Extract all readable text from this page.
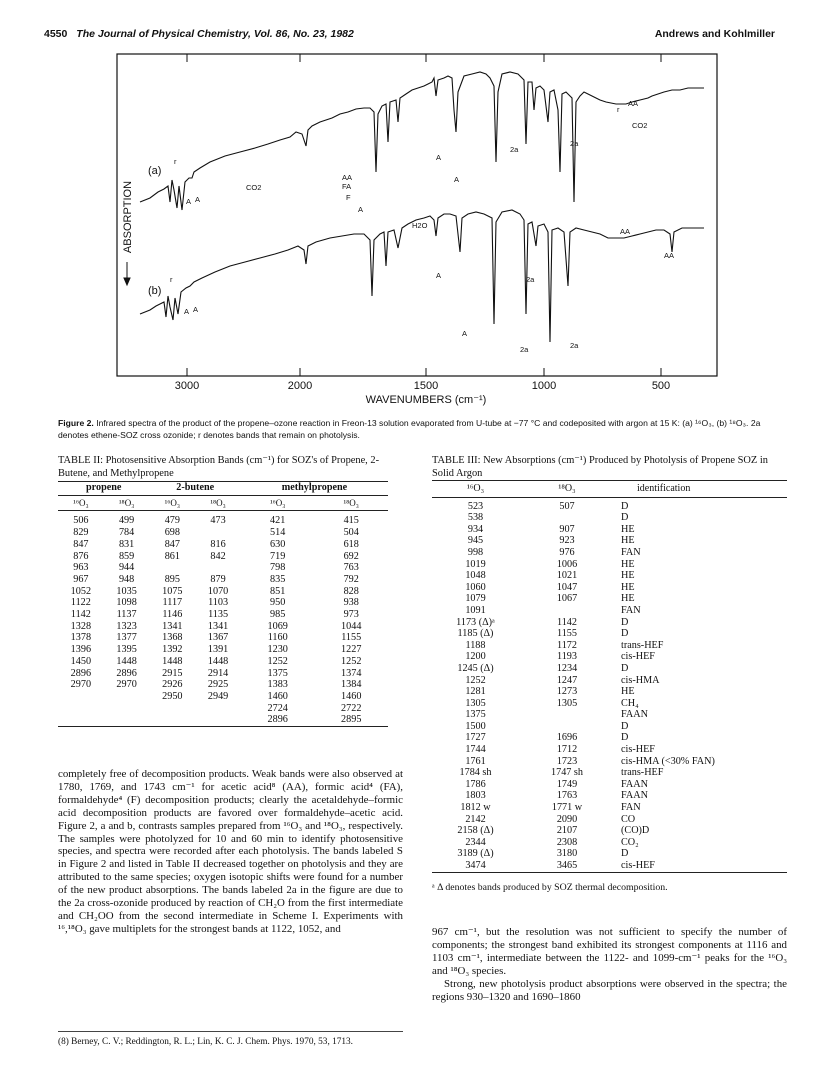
4550 The Journal of Physical Chemistry, Vol. 86, No. 23, 1982	Andrews and Kohlmiller
3000	2000	1500	1000	500
WAVENUMBERS (cm⁻¹)
ABSORPTION
(a)
(b)
r
A A
CO2
AA
FA
F
A
H2O
A
A
2a
2a
r
AA
CO2
AA
r
A A
A
A
2a
2a	2a
AA
Figure 2. Infrared spectra of the product of the propene–ozone reaction in Freon-13 solution evaporated from U-tube at −77 °C and codeposited with argon at 15 K: (a) ¹⁶O₃, (b) ¹⁸O₃. 2a denotes ethene-SOZ cross ozonide; r denotes bands that remain on photolysis.
TABLE II: Photosensitive Absorption Bands (cm⁻¹) for SOZ's of Propene, 2-Butene, and Methylpropene
propene		2-butene		methylpropene	
¹⁶O₃	¹⁸O₃	¹⁶O₃	¹⁸O₃	¹⁶O₃	¹⁸O₃
506	499	479	473	421	415
829	784	698		514	504
847	831	847	816	630	618
876	859	861	842	719	692
963	944			798	763
967	948	895	879	835	792
1052	1035	1075	1070	851	828
1122	1098	1117	1103	950	938
1142	1137	1146	1135	985	973
1328	1323	1341	1341	1069	1044
1378	1377	1368	1367	1160	1155
1396	1395	1392	1391	1230	1227
1450	1448	1448	1448	1252	1252
2896	2896	2915	2914	1375	1374
2970	2970	2926	2925	1383	1384
		2950	2949	1460	1460
				2724	2722
				2896	2895
TABLE III: New Absorptions (cm⁻¹) Produced by Photolysis of Propene SOZ in Solid Argon
¹⁶O₃	¹⁸O₃	identification
523	507	D
538		D
934	907	HE
945	923	HE
998	976	FAN
1019	1006	HE
1048	1021	HE
1060	1047	HE
1079	1067	HE
1091		FAN
1173 (Δ)ᵃ	1142	D
1185 (Δ)	1155	D
1188	1172	trans-HEF
1200	1193	cis-HEF
1245 (Δ)	1234	D
1252	1247	cis-HMA
1281	1273	HE
1305	1305	CH₄
1375		FAAN
1500		D
1727	1696	D
1744	1712	cis-HEF
1761	1723	cis-HMA (<30% FAN)
1784 sh	1747 sh	trans-HEF
1786	1749	FAAN
1803	1763	FAAN
1812 w	1771 w	FAN
2142	2090	CO
2158 (Δ)	2107	(CO)D
2344	2308	CO₂
3189 (Δ)	3180	D
3474	3465	cis-HEF
ᵃ Δ denotes bands produced by SOZ thermal decomposition.
completely free of decomposition products. Weak bands were also observed at 1780, 1769, and 1743 cm⁻¹ for acetic acid⁸ (AA), formic acid⁴ (FA), formaldehyde⁴ (F) decomposition products; clearly the acetaldehyde–formic acid decomposition products are favored over formaldehyde–acetic acid. Figure 2, a and b, contrasts samples prepared from ¹⁶O₃ and ¹⁸O₃, respectively. The samples were photolyzed for 10 and 60 min to identify photosensitive species, and spectra were recorded after each photolysis. The bands labeled S in Figure 2 and listed in Table II decreased together on photolysis and they are attributed to the same species; oxygen isotopic shifts were found for a number of the new product absorptions. The bands labeled 2a in the figure are due to the 2a cross-ozonide produced by reaction of CH₂O from the first intermediate and CH₂OO from the second intermediate in Scheme I. Experiments with ¹⁶,¹⁸O₃ gave multiplets for the strongest bands at 1122, 1052, and
(8) Berney, C. V.; Reddington, R. L.; Lin, K. C. J. Chem. Phys. 1970, 53, 1713.

967 cm⁻¹, but the resolution was not sufficient to specify the number of components; the strongest band exhibited its strongest components at 1116 and 1103 cm⁻¹, intermediate between the 1122- and 1099-cm⁻¹ peaks for the ¹⁶O₃ and ¹⁸O₃ species.

Strong, new photolysis product absorptions were observed in the spectra; the regions 930–1320 and 1690–1860
